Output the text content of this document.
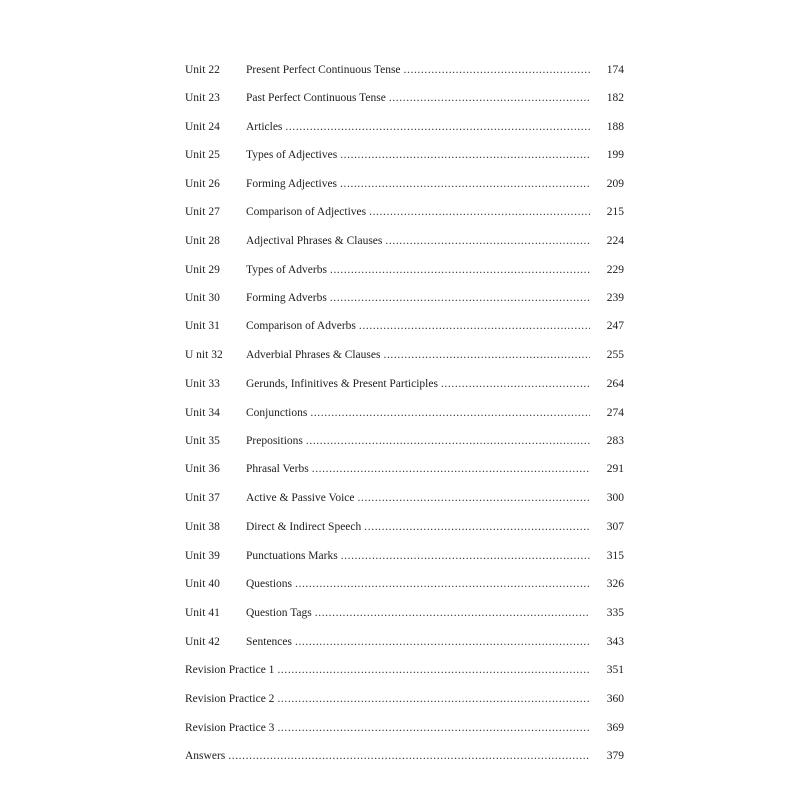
Unit 22 Present Perfect Continuous Tense .....	174
Unit 23 Past Perfect Continuous Tense .....	182
Unit 24 Articles .....	188
Unit 25 Types of Adjectives .....	199
Unit 26 Forming Adjectives .....	209
Unit 27 Comparison of Adjectives .....	215
Unit 28 Adjectival Phrases & Clauses .....	224
Unit 29 Types of Adverbs .....	229
Unit 30 Forming Adverbs .....	239
Unit 31 Comparison of Adverbs .....	247
U nit 32 Adverbial Phrases & Clauses .....	255
Unit 33 Gerunds, Infinitives & Present Participles .....	264
Unit 34 Conjunctions .....	274
Unit 35 Prepositions .....	283
Unit 36 Phrasal Verbs .....	291
Unit 37 Active & Passive Voice .....	300
Unit 38 Direct & Indirect Speech .....	307
Unit 39 Punctuations Marks .....	315
Unit 40 Questions .....	326
Unit 41 Question Tags .....	335
Unit 42 Sentences .....	343
Revision Practice 1 .....	351
Revision Practice 2 .....	360
Revision Practice 3 .....	369
Answers .....	379
